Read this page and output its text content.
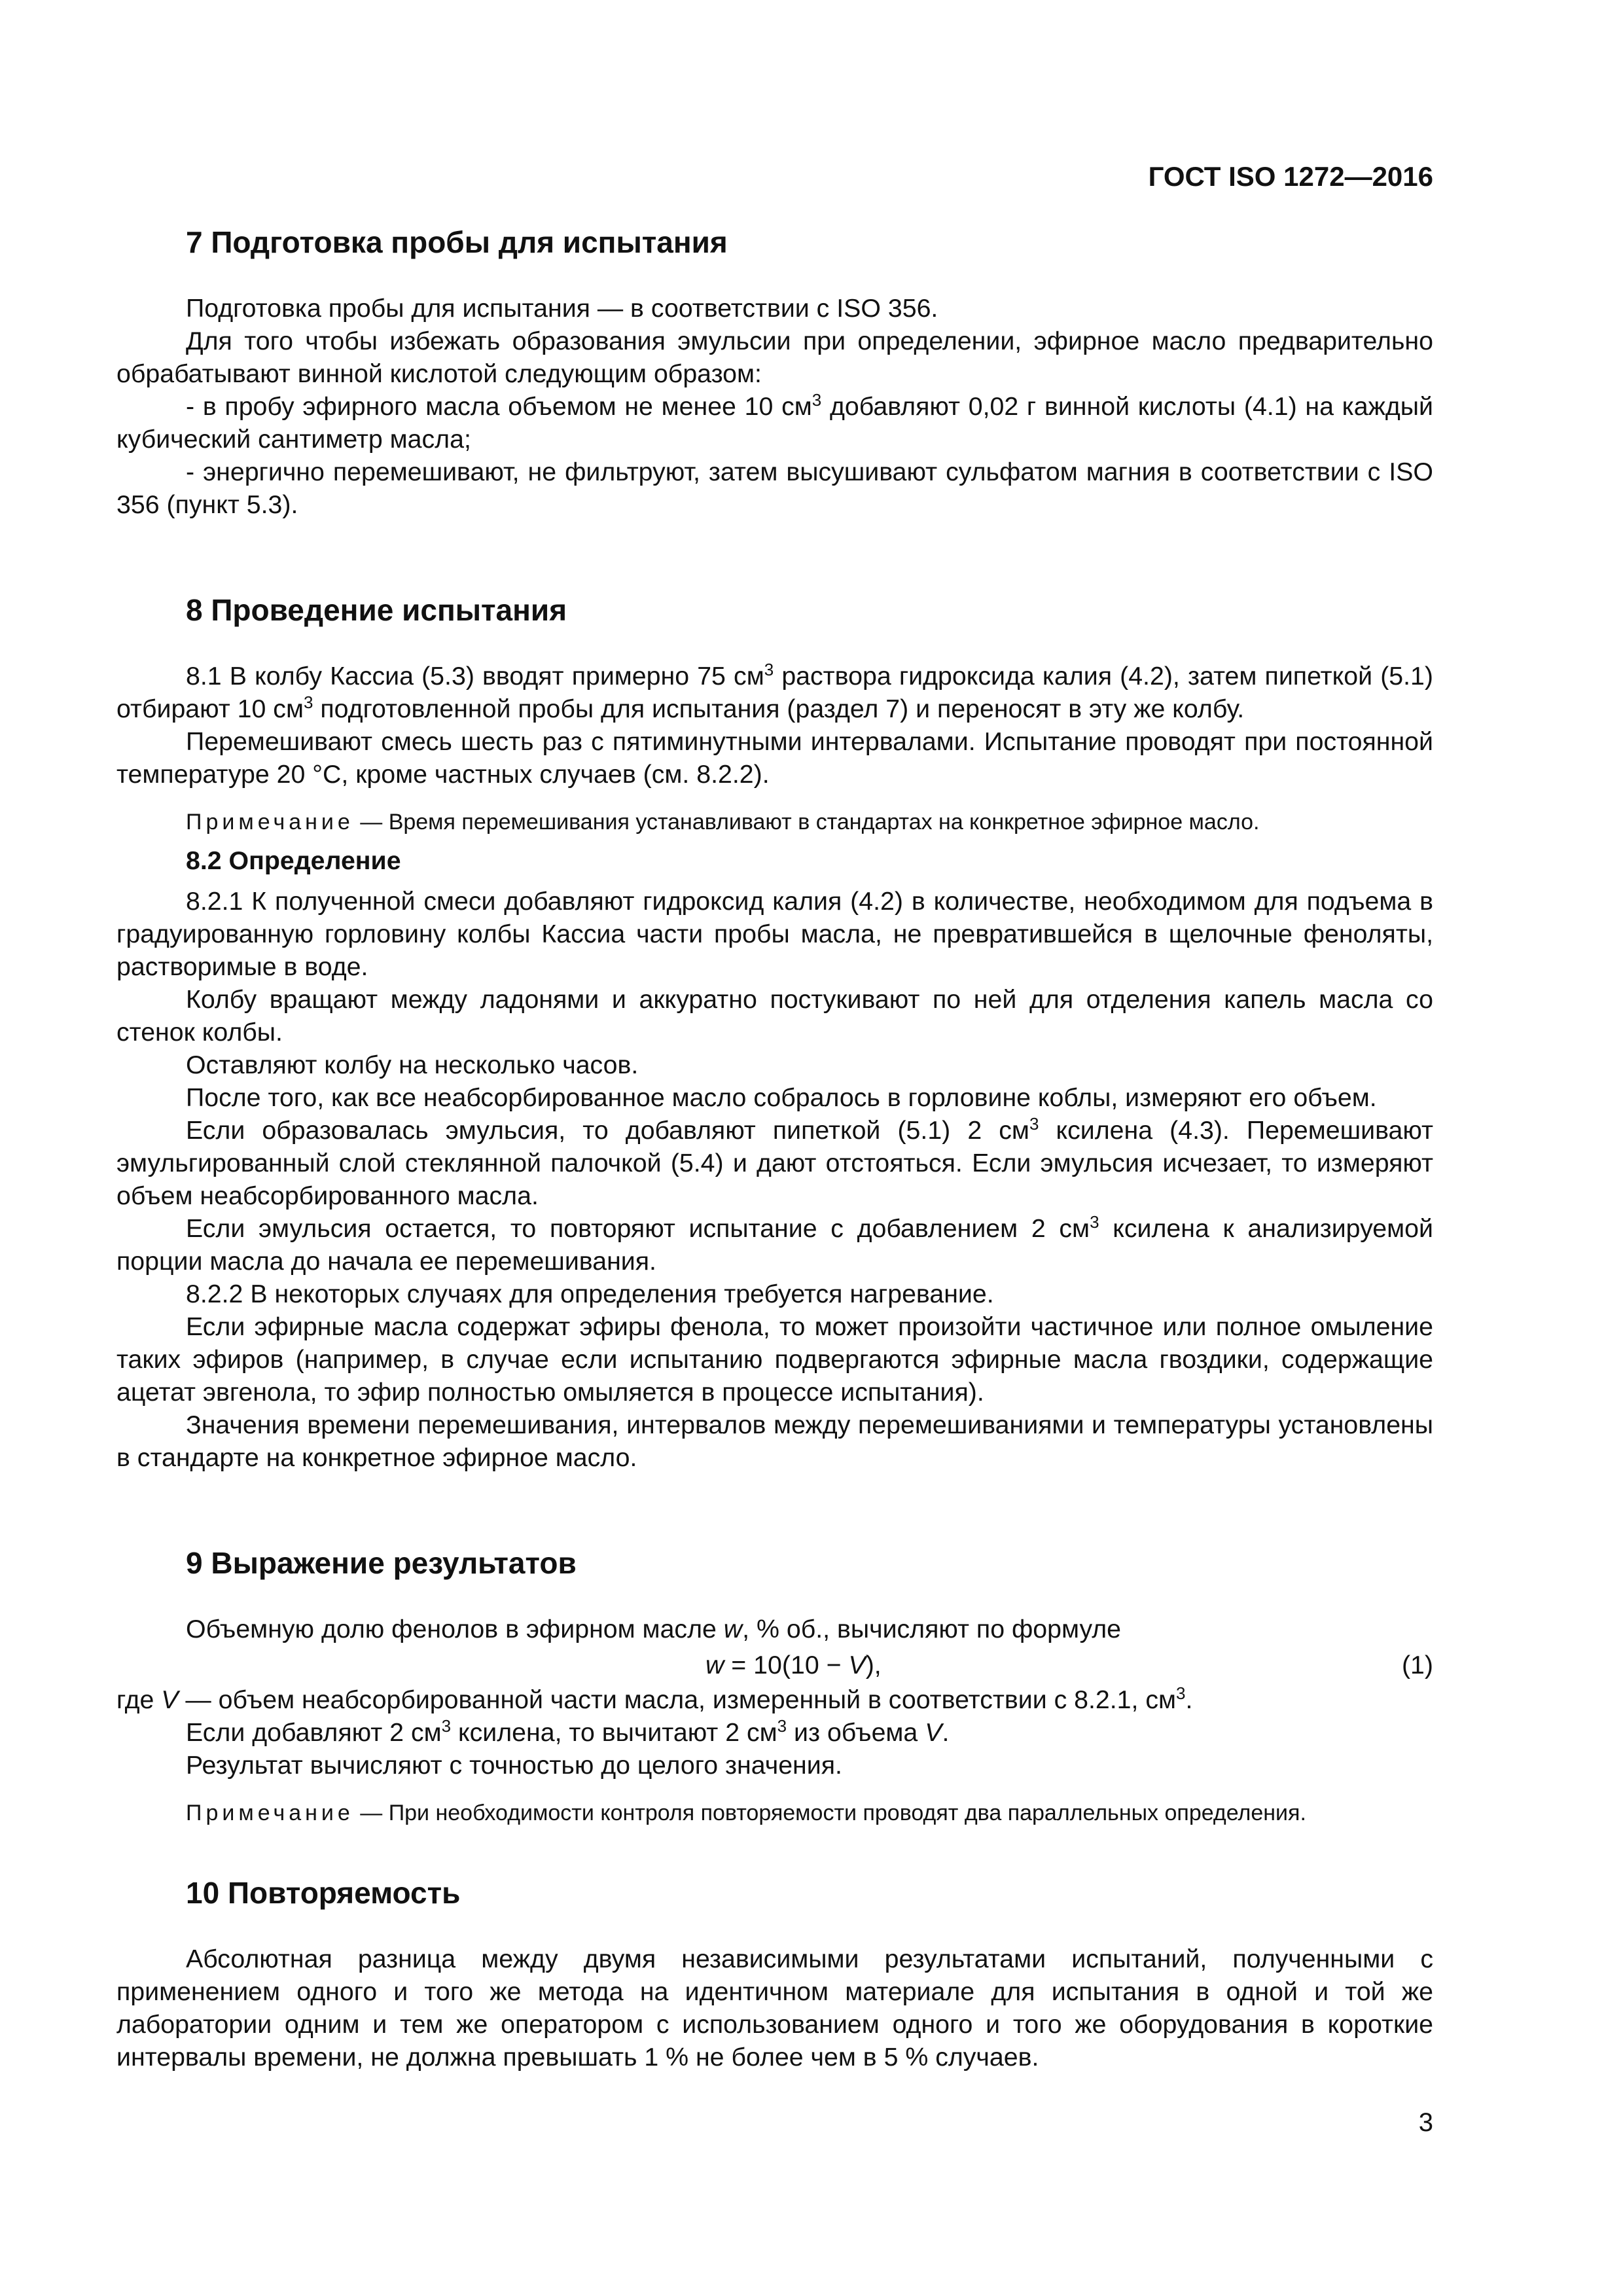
ГОСТ ISO 1272—2016
7 Подготовка пробы для испытания

Подготовка пробы для испытания — в соответствии с ISO 356.

Для того чтобы избежать образования эмульсии при определении, эфирное масло предварительно обрабатывают винной кислотой следующим образом:

- в пробу эфирного масла объемом не менее 10 $см^3$ добавляют 0,02 г винной кислоты (4.1) на каждый кубический сантиметр масла;

- энергично перемешивают, не фильтруют, затем высушивают сульфатом магния в соответствии с ISO 356 (пункт 5.3).

8 Проведение испытания

8.1 В колбу Кассиа (5.3) вводят примерно 75 $см^3$ раствора гидроксида калия (4.2), затем пипеткой (5.1) отбирают 10 $см^3$ подготовленной пробы для испытания (раздел 7) и переносят в эту же колбу.

Перемешивают смесь шесть раз с пятиминутными интервалами. Испытание проводят при постоянной температуре 20 °С, кроме частных случаев (см. 8.2.2).

Примечание — Время перемешивания устанавливают в стандартах на конкретное эфирное масло.

8.2 Определение

8.2.1 К полученной смеси добавляют гидроксид калия (4.2) в количестве, необходимом для подъема в градуированную горловину колбы Кассиа части пробы масла, не превратившейся в щелочные феноляты, растворимые в воде.

Колбу вращают между ладонями и аккуратно постукивают по ней для отделения капель масла со стенок колбы.

Оставляют колбу на несколько часов.

После того, как все неабсорбированное масло собралось в горловине коблы, измеряют его объем.

Если образовалась эмульсия, то добавляют пипеткой (5.1) 2 $см^3$ ксилена (4.3). Перемешивают эмульгированный слой стеклянной палочкой (5.4) и дают отстояться. Если эмульсия исчезает, то измеряют объем неабсорбированного масла.

Если эмульсия остается, то повторяют испытание с добавлением 2 $см^3$ ксилена к анализируемой порции масла до начала ее перемешивания.

8.2.2 В некоторых случаях для определения требуется нагревание.

Если эфирные масла содержат эфиры фенола, то может произойти частичное или полное омыление таких эфиров (например, в случае если испытанию подвергаются эфирные масла гвоздики, содержащие ацетат эвгенола, то эфир полностью омыляется в процессе испытания).

Значения времени перемешивания, интервалов между перемешиваниями и температуры установлены в стандарте на конкретное эфирное масло.

9 Выражение результатов

Объемную долю фенолов в эфирном масле w, % об., вычисляют по формуле

w = 10(10 − V),	(1)

где V — объем неабсорбированной части масла, измеренный в соответствии с 8.2.1, $см^3$.

Если добавляют 2 $см^3$ ксилена, то вычитают 2 $см^3$ из объема V.

Результат вычисляют с точностью до целого значения.

Примечание — При необходимости контроля повторяемости проводят два параллельных определения.

10 Повторяемость

Абсолютная разница между двумя независимыми результатами испытаний, полученными с применением одного и того же метода на идентичном материале для испытания в одной и той же лаборатории одним и тем же оператором с использованием одного и того же оборудования в короткие интервалы времени, не должна превышать 1 % не более чем в 5 % случаев.

3
